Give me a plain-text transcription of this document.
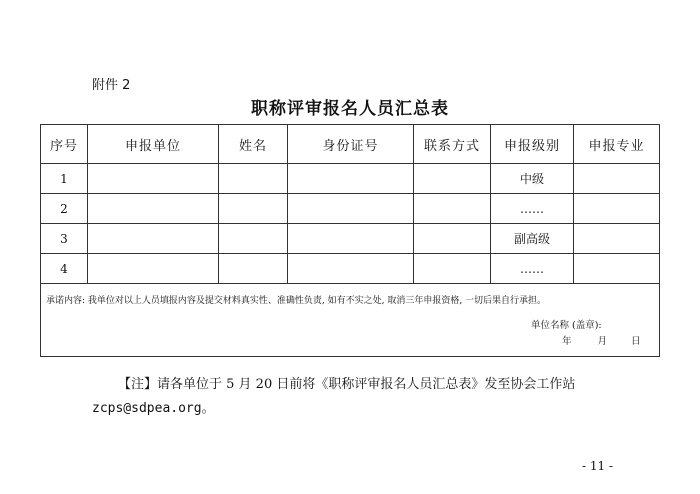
附件 2
职称评审报名人员汇总表
序号	申报单位	姓名	身份证号	联系方式	申报级别	申报专业
1					中级	
2					……	
3					副高级	
4					……	

承诺内容: 我单位对以上人员填报内容及提交材料真实性、准确性负责, 如有不实之处, 取消三年申报资格, 一切后果自行承担。
单位名称 (盖章):
年 月 日						
【注】请各单位于 5 月 20 日前将《职称评审报名人员汇总表》发至协会工作站
zcps@sdpea.org。
- 11 -
